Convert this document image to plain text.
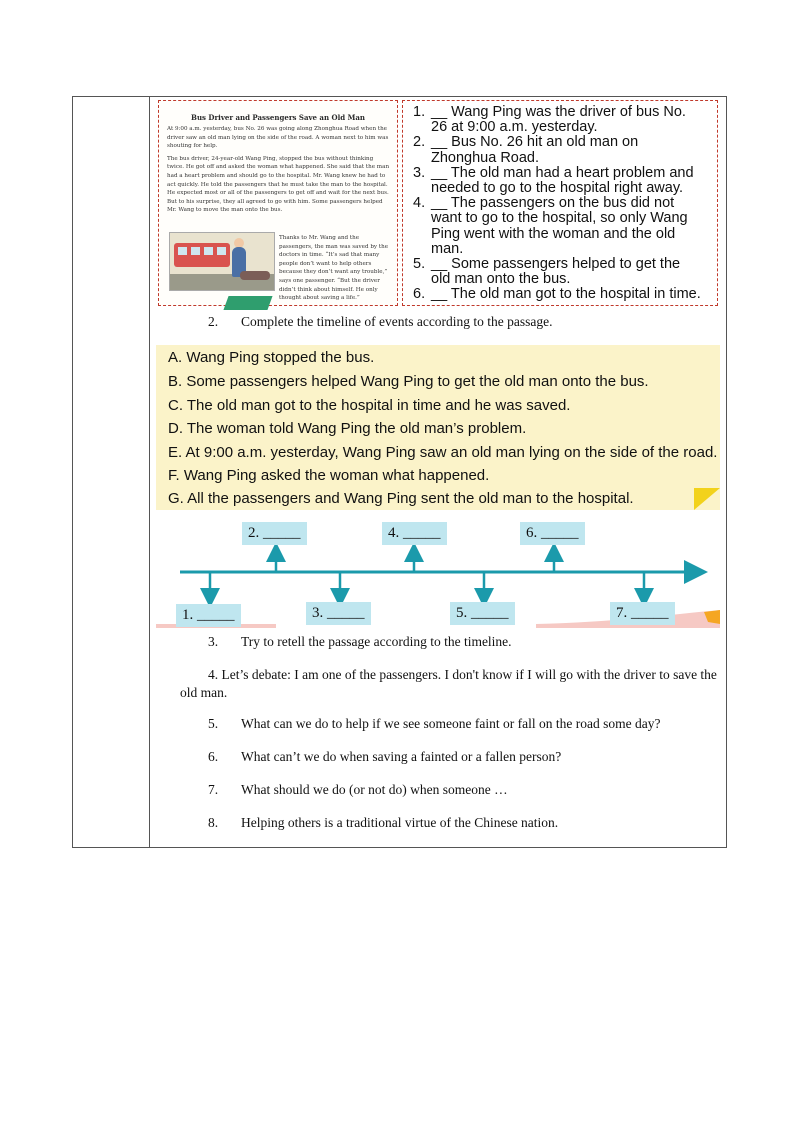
Bus Driver and Passengers Save an Old Man

At 9:00 a.m. yesterday, bus No. 26 was going along Zhonghua Road when the driver saw an old man lying on the side of the road. A woman next to him was shouting for help.

The bus driver, 24-year-old Wang Ping, stopped the bus without thinking twice. He got off and asked the woman what happened. She said that the man had a heart problem and should go to the hospital. Mr. Wang knew he had to act quickly. He told the passengers that he must take the man to the hospital. He expected most or all of the passengers to get off and wait for the next bus. But to his surprise, they all agreed to go with him. Some passengers helped Mr. Wang to move the man onto the bus.

Thanks to Mr. Wang and the passengers, the man was saved by the doctors in time. “It’s sad that many people don’t want to help others because they don’t want any trouble,” says one passenger. “But the driver didn’t think about himself. He only thought about saving a life.”
1. __ Wang Ping was the driver of bus No.
26 at 9:00 a.m. yesterday.
2. __ Bus No. 26 hit an old man on
Zhonghua Road.
3. __ The old man had a heart problem and
needed to go to the hospital right away.
4. __ The passengers on the bus did not
want to go to the hospital, so only Wang
Ping went with the woman and the old
man.
5. __ Some passengers helped to get the
old man onto the bus.
6. __ The old man got to the hospital in time.
2. Complete the timeline of events according to the passage.
A. Wang Ping stopped the bus.
B. Some passengers helped Wang Ping to get the old man onto the bus.
C. The old man got to the hospital in time and he was saved.
D. The woman told Wang Ping the old man’s problem.
E. At 9:00 a.m. yesterday, Wang Ping saw an old man lying on the side of the road.
F. Wang Ping asked the woman what happened.
G. All the passengers and Wang Ping sent the old man to the hospital.
2. _____	4. _____	6. _____
1. _____	3. _____	5. _____	7. _____
3. Try to retell the passage according to the timeline.
4. Let’s debate: I am one of the passengers. I don't know if I will go with the driver to save the old man.
5. What can we do to help if we see someone faint or fall on the road some day?
6. What can’t we do when saving a fainted or a fallen person?
7. What should we do (or not do) when someone …
8. Helping others is a traditional virtue of the Chinese nation.
